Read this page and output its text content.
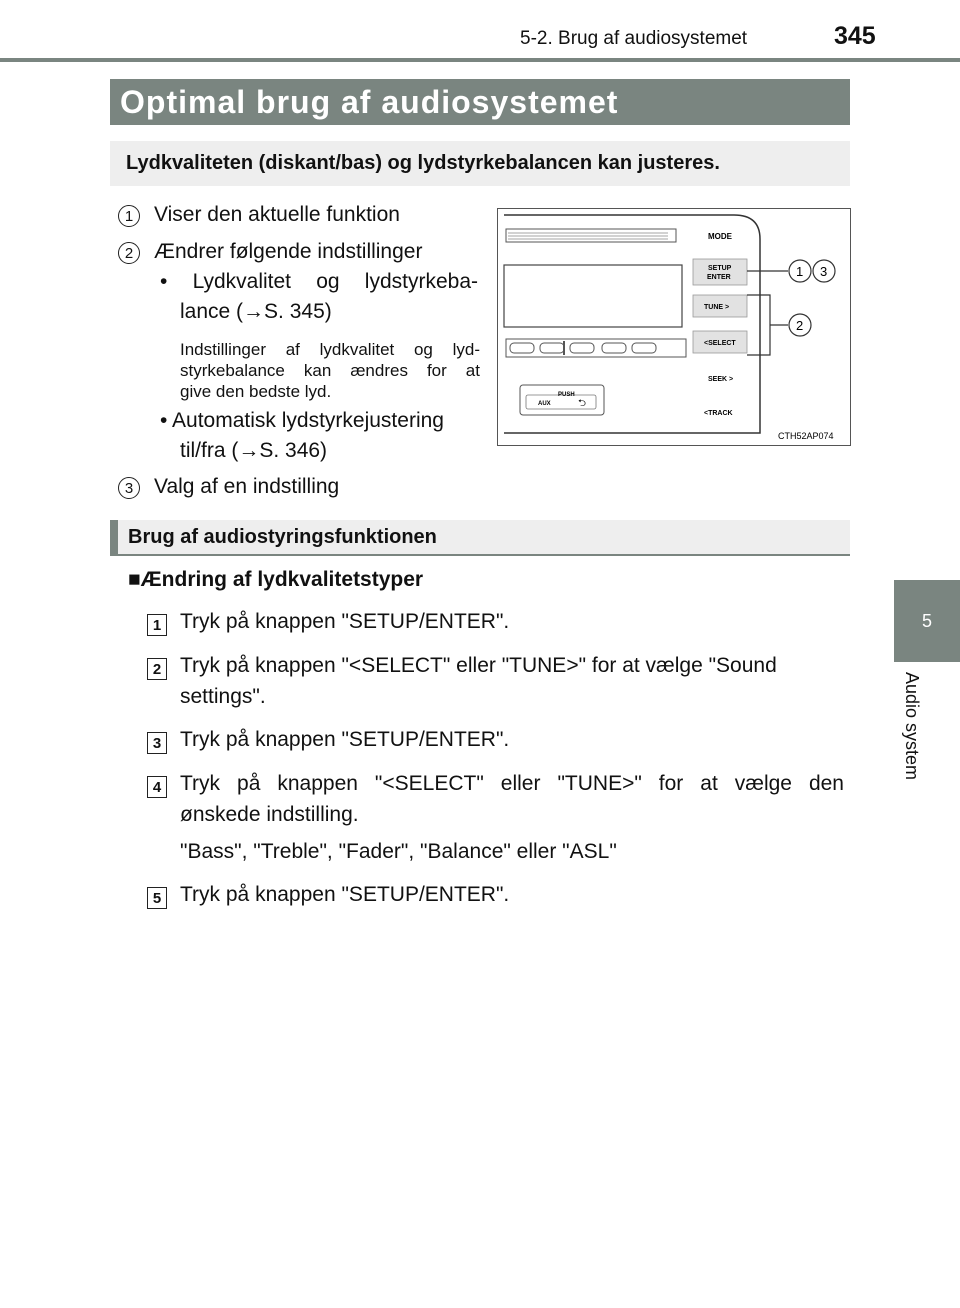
5-2. Brug af audiosystemet	345
5
Audio system
Optimal brug af audiosystemet
Lydkvaliteten (diskant/bas) og lydstyrkebalancen kan justeres.
1 Viser den aktuelle funktion
2 Ændrer følgende indstillinger
• Lydkvalitet og lydstyrkeba-
lance (→S. 345)
Indstillinger af lydkvalitet og lyd-
styrkebalance kan ændres for at
give den bedste lyd.
• Automatisk lydstyrkejustering
til/fra (→S. 346)
3 Valg af en indstilling
PUSH
AUX	⮌
MODE
SETUP
ENTER
TUNE >
<SELECT
SEEK >
<TRACK
1 3
2
CTH52AP074
Brug af audiostyringsfunktionen
■Ændring af lydkvalitetstyper
1 Tryk på knappen "SETUP/ENTER".
2 Tryk på knappen "<SELECT" eller "TUNE>" for at vælge "Sound
settings".
3 Tryk på knappen "SETUP/ENTER".
4 Tryk på knappen "<SELECT" eller "TUNE>" for at vælge den
ønskede indstilling.
"Bass", "Treble", "Fader", "Balance" eller "ASL"
5 Tryk på knappen "SETUP/ENTER".
